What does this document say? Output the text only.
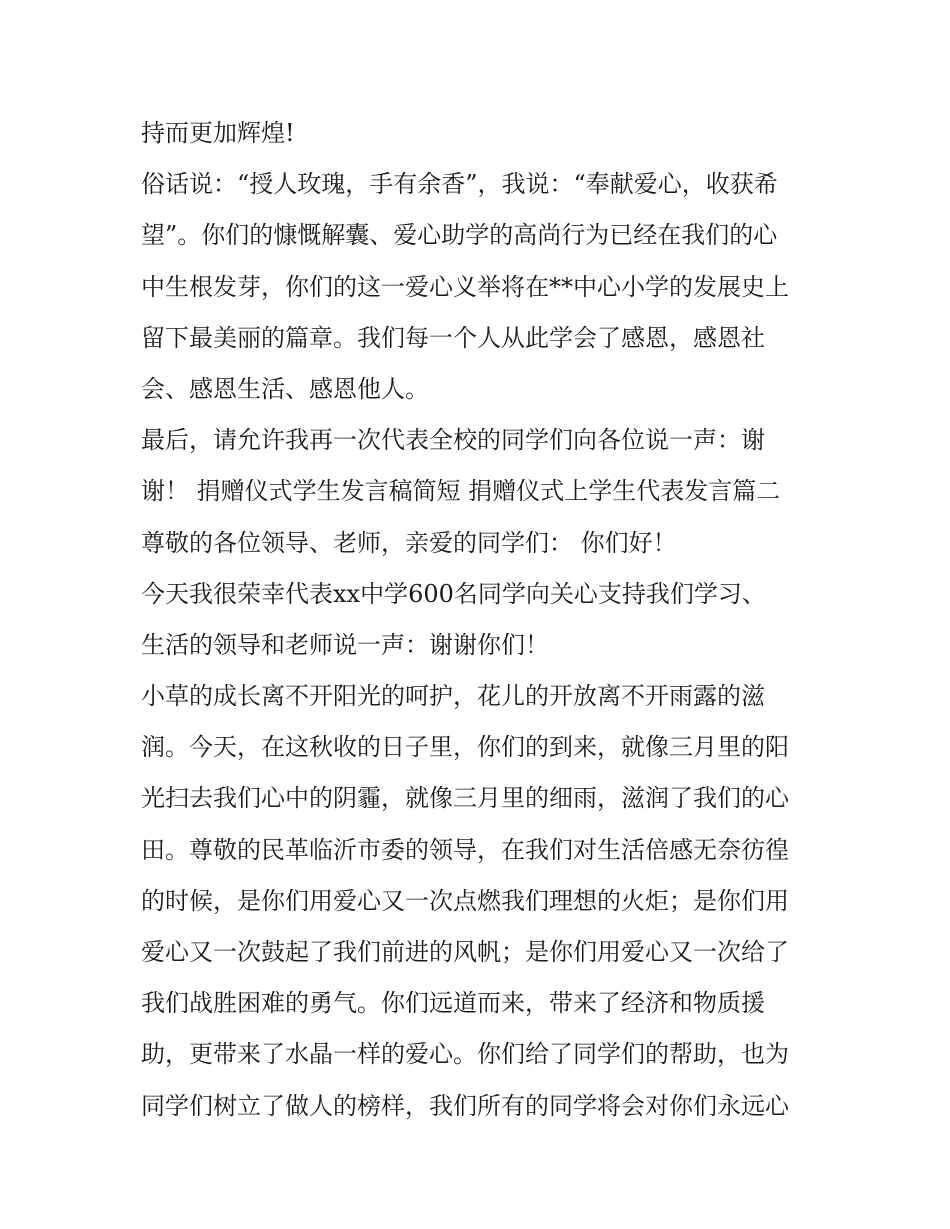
持而更加辉煌!
俗话说：“授人玫瑰，手有余香”，我说：“奉献爱心，收获希
望”。你们的慷慨解囊、爱心助学的高尚行为已经在我们的心
中生根发芽，你们的这一爱心义举将在**中心小学的发展史上
留下最美丽的篇章。我们每一个人从此学会了感恩，感恩社
会、感恩生活、感恩他人。
最后，请允许我再一次代表全校的同学们向各位说一声：谢
谢！ 捐赠仪式学生发言稿简短 捐赠仪式上学生代表发言篇二
尊敬的各位领导、老师，亲爱的同学们： 你们好！
今天我很荣幸代表xx中学600名同学向关心支持我们学习、
生活的领导和老师说一声：谢谢你们！
小草的成长离不开阳光的呵护，花儿的开放离不开雨露的滋
润。今天，在这秋收的日子里，你们的到来，就像三月里的阳
光扫去我们心中的阴霾，就像三月里的细雨，滋润了我们的心
田。尊敬的民革临沂市委的领导，在我们对生活倍感无奈彷徨
的时候，是你们用爱心又一次点燃我们理想的火炬；是你们用
爱心又一次鼓起了我们前进的风帆；是你们用爱心又一次给了
我们战胜困难的勇气。你们远道而来，带来了经济和物质援
助，更带来了水晶一样的爱心。你们给了同学们的帮助，也为
同学们树立了做人的榜样，我们所有的同学将会对你们永远心
